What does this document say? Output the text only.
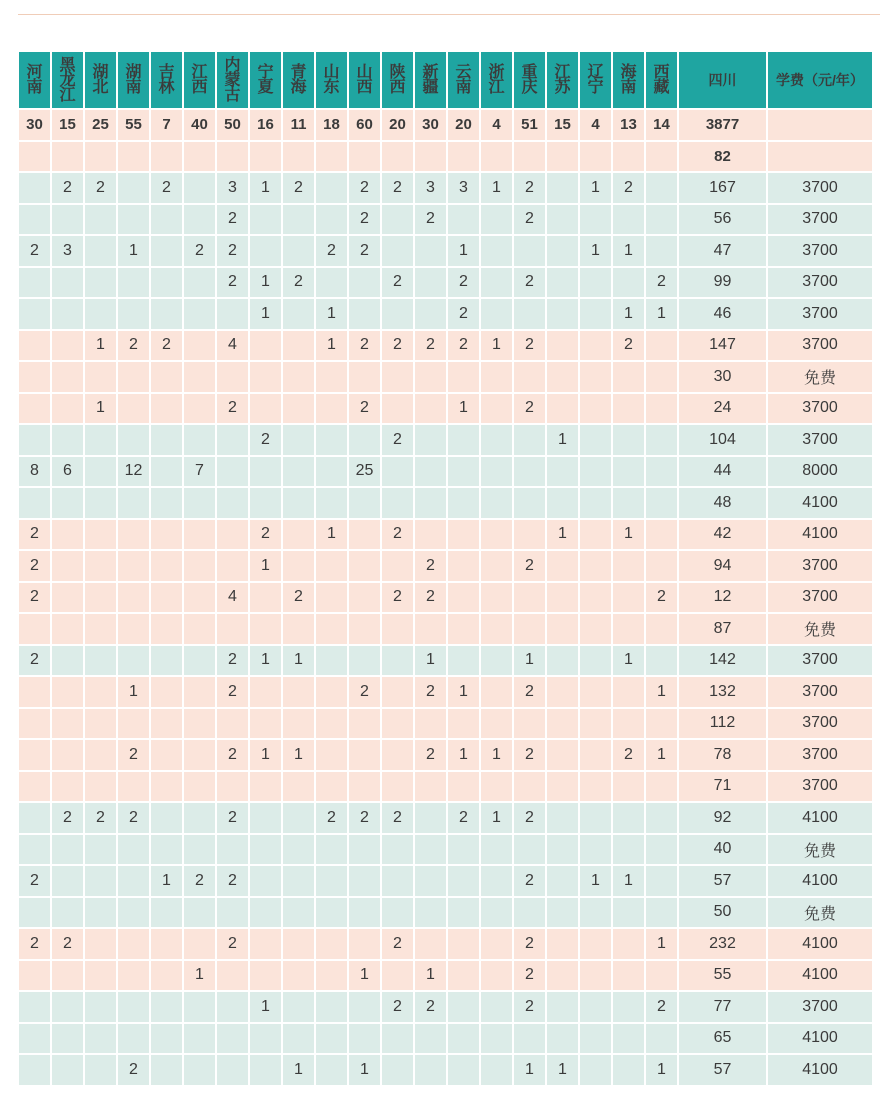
河南	黑龙江	湖北	湖南	吉林	江西	内蒙古	宁夏	青海	山东	山西	陕西	新疆	云南	浙江	重庆	江苏	辽宁	海南	西藏	四川	学费（元/年）
30	15	25	55	7	40	50	16	11	18	60	20	30	20	4	51	15	4	13	14	3877	
																				82	
	2	2		2		3	1	2		2	2	3	3	1	2		1	2		167	3700
						2				2		2			2					56	3700
2	3		1		2	2			2	2			1				1	1		47	3700
						2	1	2			2		2		2				2	99	3700
							1		1				2					1	1	46	3700
		1	2	2		4			1	2	2	2	2	1	2			2		147	3700
																				30	免费
		1				2				2			1		2					24	3700
							2				2					1				104	3700
8	6		12		7					25										44	8000
																				48	4100
2							2		1		2					1		1		42	4100
2							1					2			2					94	3700
2						4		2			2	2							2	12	3700
																				87	免费
2						2	1	1				1			1			1		142	3700
			1			2				2		2	1		2				1	132	3700
																				112	3700
			2			2	1	1				2	1	1	2			2	1	78	3700
																				71	3700
	2	2	2			2			2	2	2		2	1	2					92	4100
																				40	免费
2				1	2	2									2		1	1		57	4100
																				50	免费
2	2					2					2				2				1	232	4100
					1					1		1			2					55	4100
							1				2	2			2				2	77	3700
																				65	4100
			2					1		1					1	1			1	57	4100
